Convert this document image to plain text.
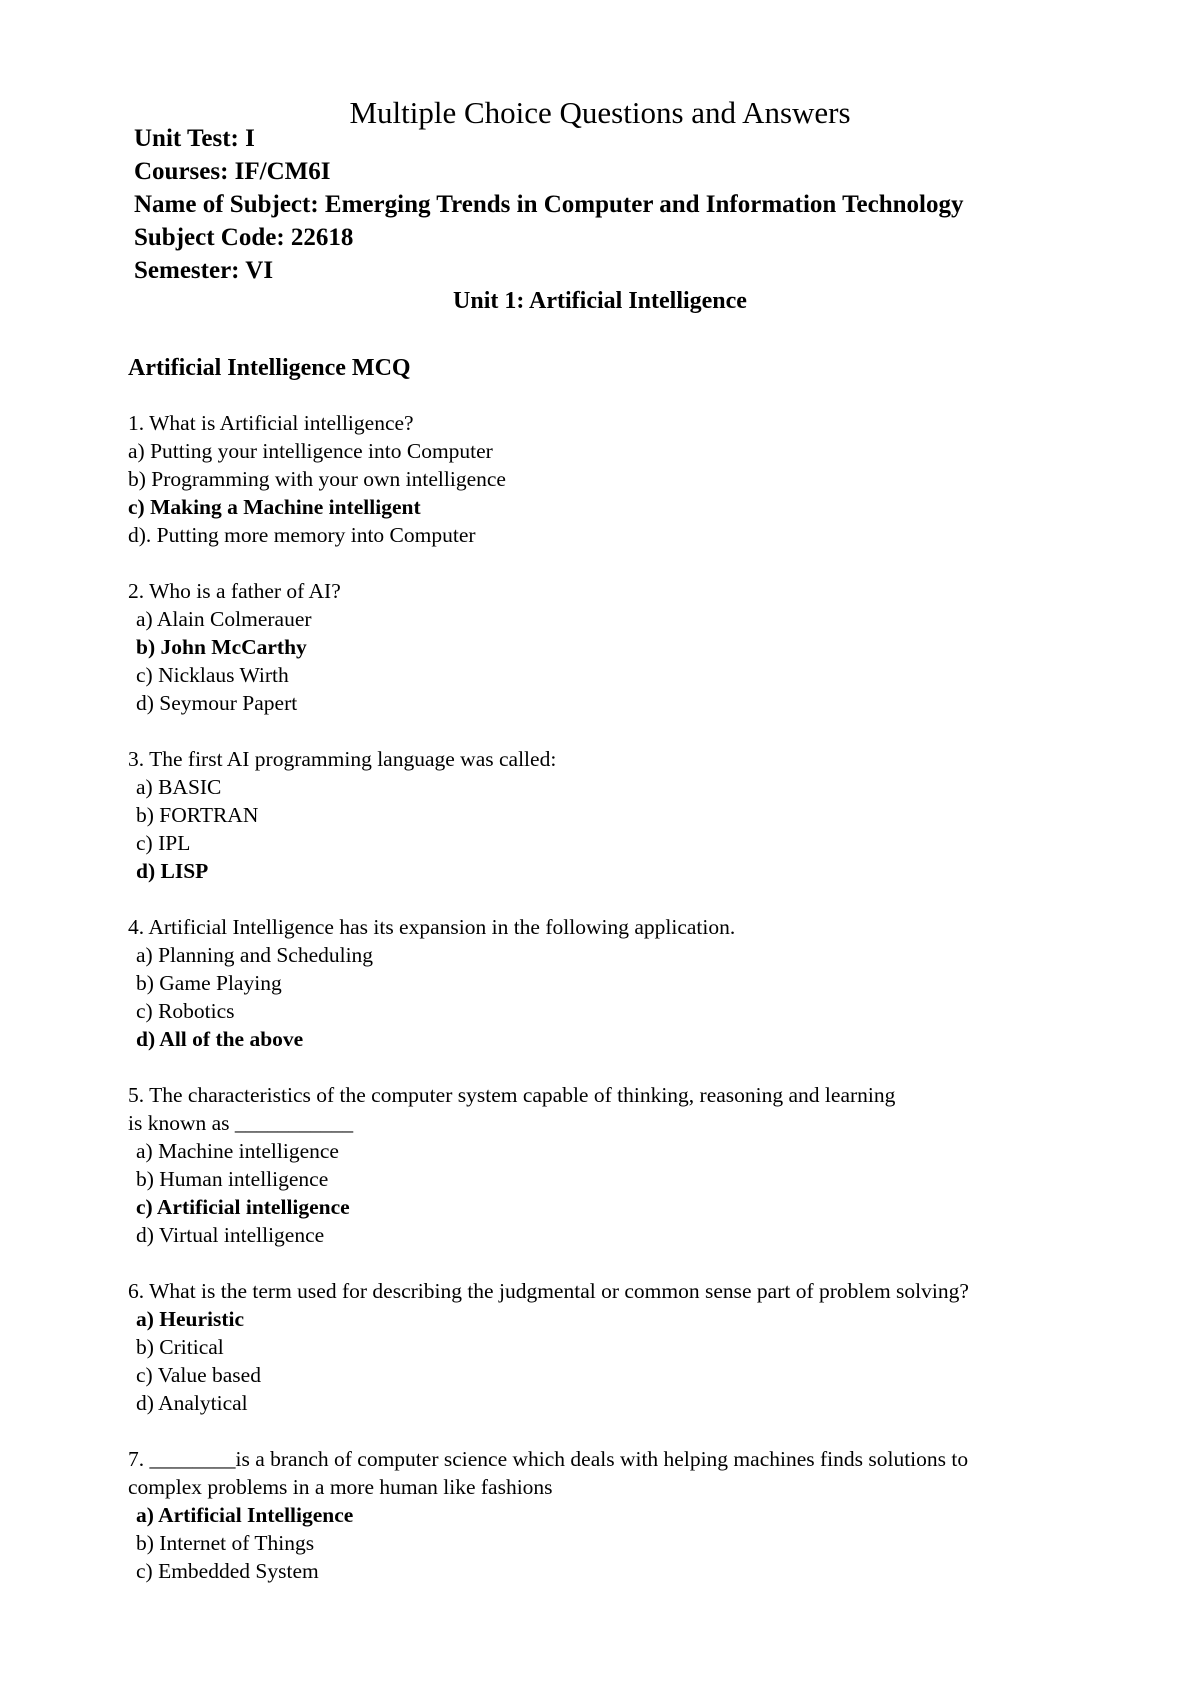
Multiple Choice Questions and Answers
Unit Test: I
Courses: IF/CM6I
Name of Subject: Emerging Trends in Computer and Information Technology
Subject Code: 22618
Semester: VI
Unit 1: Artificial Intelligence
Artificial Intelligence MCQ
1. What is Artificial intelligence?
a) Putting your intelligence into Computer
b) Programming with your own intelligence
c) Making a Machine intelligent
d). Putting more memory into Computer
2. Who is a father of AI?
a) Alain Colmerauer
b) John McCarthy
c) Nicklaus Wirth
d) Seymour Papert
3. The first AI programming language was called:
a) BASIC
b) FORTRAN
c) IPL
d) LISP
4. Artificial Intelligence has its expansion in the following application.
a) Planning and Scheduling
b) Game Playing
c) Robotics
d) All of the above
5. The characteristics of the computer system capable of thinking, reasoning and learning
is known as ___________
a) Machine intelligence
b) Human intelligence
c) Artificial intelligence
d) Virtual intelligence
6. What is the term used for describing the judgmental or common sense part of problem solving?
a) Heuristic
b) Critical
c) Value based
d) Analytical
7. ________is a branch of computer science which deals with helping machines finds solutions to
complex problems in a more human like fashions
a) Artificial Intelligence
b) Internet of Things
c) Embedded System
